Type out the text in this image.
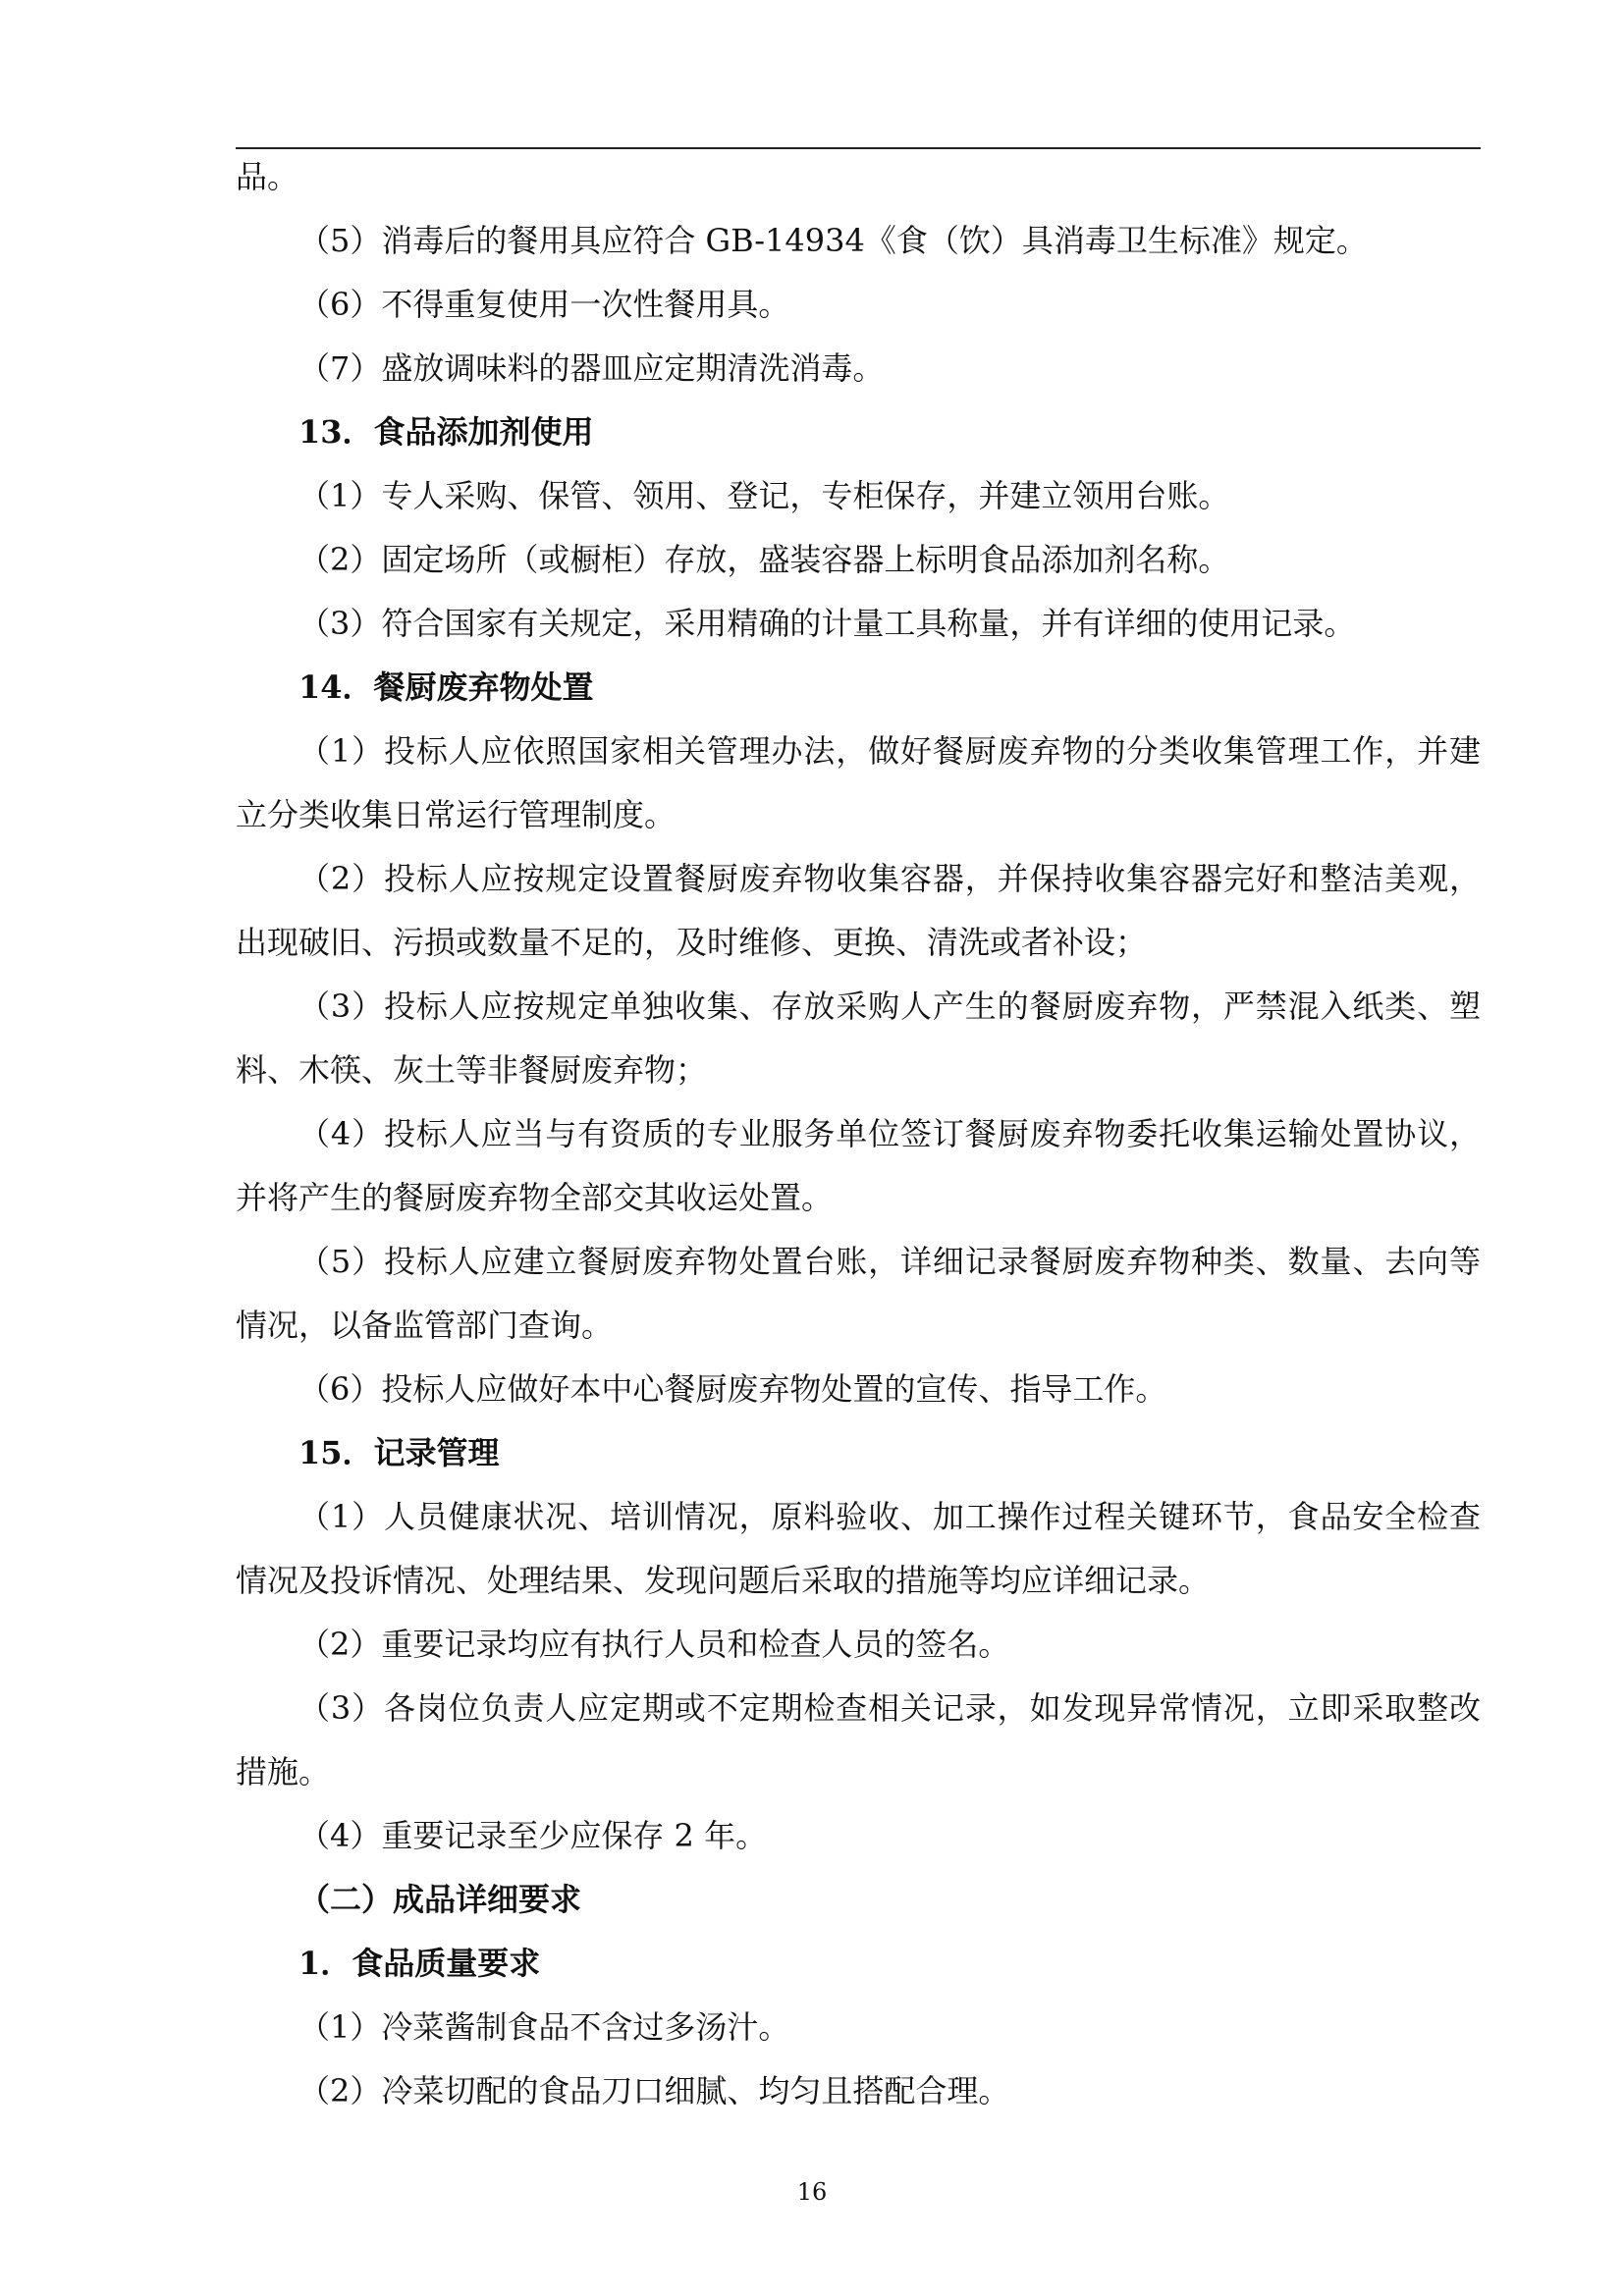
品。

（5）消毒后的餐用具应符合 GB-14934《食（饮）具消毒卫生标准》规定。

（6）不得重复使用一次性餐用具。

（7）盛放调味料的器皿应定期清洗消毒。

13．食品添加剂使用

（1）专人采购、保管、领用、登记，专柜保存，并建立领用台账。

（2）固定场所（或橱柜）存放，盛装容器上标明食品添加剂名称。

（3）符合国家有关规定，采用精确的计量工具称量，并有详细的使用记录。

14．餐厨废弃物处置

（1）投标人应依照国家相关管理办法，做好餐厨废弃物的分类收集管理工作，并建立分类收集日常运行管理制度。

（2）投标人应按规定设置餐厨废弃物收集容器，并保持收集容器完好和整洁美观，出现破旧、污损或数量不足的，及时维修、更换、清洗或者补设；

（3）投标人应按规定单独收集、存放采购人产生的餐厨废弃物，严禁混入纸类、塑料、木筷、灰土等非餐厨废弃物；

（4）投标人应当与有资质的专业服务单位签订餐厨废弃物委托收集运输处置协议，并将产生的餐厨废弃物全部交其收运处置。

（5）投标人应建立餐厨废弃物处置台账，详细记录餐厨废弃物种类、数量、去向等情况，以备监管部门查询。

（6）投标人应做好本中心餐厨废弃物处置的宣传、指导工作。

15．记录管理

（1）人员健康状况、培训情况，原料验收、加工操作过程关键环节，食品安全检查情况及投诉情况、处理结果、发现问题后采取的措施等均应详细记录。

（2）重要记录均应有执行人员和检查人员的签名。

（3）各岗位负责人应定期或不定期检查相关记录，如发现异常情况，立即采取整改措施。

（4）重要记录至少应保存 2 年。

（二）成品详细要求

1．食品质量要求

（1）冷菜酱制食品不含过多汤汁。

（2）冷菜切配的食品刀口细腻、均匀且搭配合理。

16
